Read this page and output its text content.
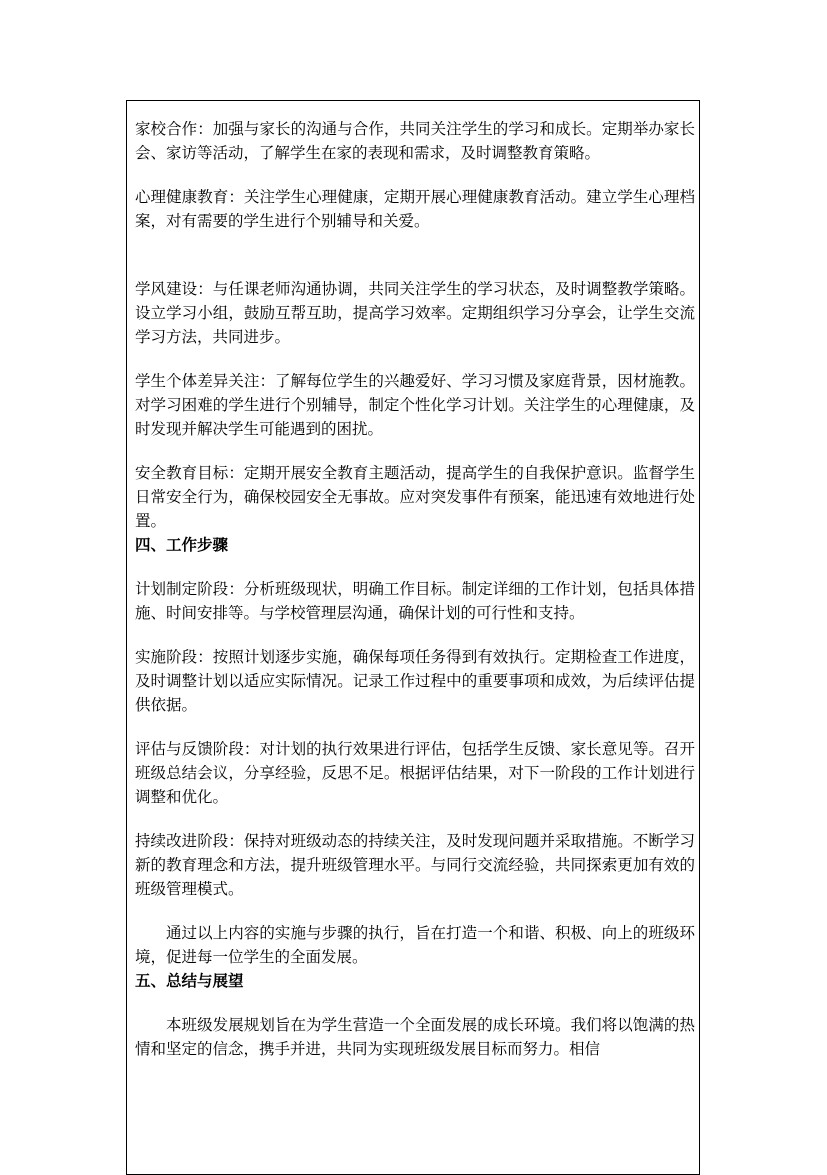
家校合作：加强与家长的沟通与合作，共同关注学生的学习和成长。定期举办家长会、家访等活动，了解学生在家的表现和需求，及时调整教育策略。

心理健康教育：关注学生心理健康，定期开展心理健康教育活动。建立学生心理档案，对有需要的学生进行个别辅导和关爱。

学风建设：与任课老师沟通协调，共同关注学生的学习状态，及时调整教学策略。设立学习小组，鼓励互帮互助，提高学习效率。定期组织学习分享会，让学生交流学习方法，共同进步。

学生个体差异关注：了解每位学生的兴趣爱好、学习习惯及家庭背景，因材施教。对学习困难的学生进行个别辅导，制定个性化学习计划。关注学生的心理健康，及时发现并解决学生可能遇到的困扰。

安全教育目标：定期开展安全教育主题活动，提高学生的自我保护意识。监督学生日常安全行为，确保校园安全无事故。应对突发事件有预案，能迅速有效地进行处置。

四、工作步骤

计划制定阶段：分析班级现状，明确工作目标。制定详细的工作计划，包括具体措施、时间安排等。与学校管理层沟通，确保计划的可行性和支持。

实施阶段：按照计划逐步实施，确保每项任务得到有效执行。定期检查工作进度，及时调整计划以适应实际情况。记录工作过程中的重要事项和成效，为后续评估提供依据。

评估与反馈阶段：对计划的执行效果进行评估，包括学生反馈、家长意见等。召开班级总结会议，分享经验，反思不足。根据评估结果，对下一阶段的工作计划进行调整和优化。

持续改进阶段：保持对班级动态的持续关注，及时发现问题并采取措施。不断学习新的教育理念和方法，提升班级管理水平。与同行交流经验，共同探索更加有效的班级管理模式。

通过以上内容的实施与步骤的执行，旨在打造一个和谐、积极、向上的班级环境，促进每一位学生的全面发展。

五、总结与展望

本班级发展规划旨在为学生营造一个全面发展的成长环境。我们将以饱满的热情和坚定的信念，携手并进，共同为实现班级发展目标而努力。相信
